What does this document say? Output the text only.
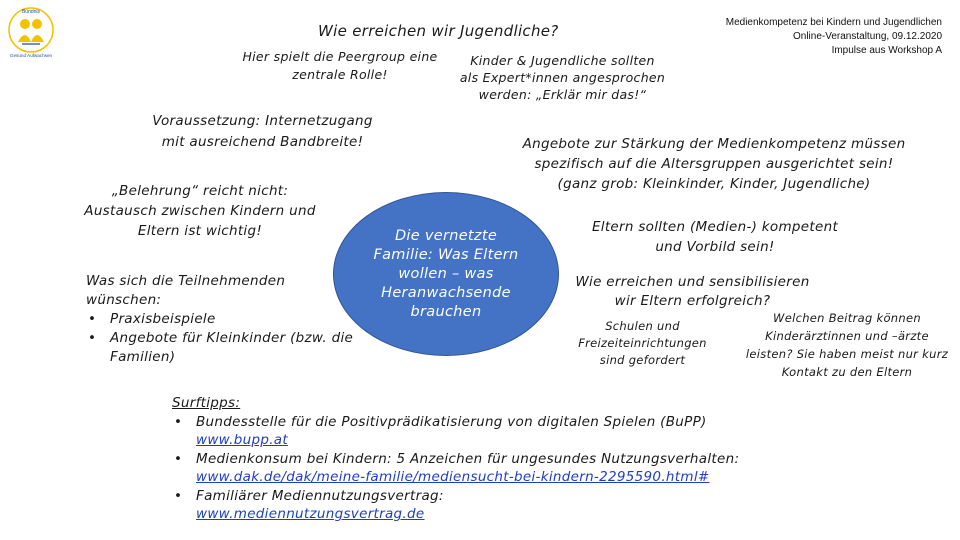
Medienkompetenz bei Kindern und Jugendlichen
Online-Veranstaltung, 09.12.2020
Impulse aus Workshop A
Bündnis
Gesund Aufwachsen
Wie erreichen wir Jugendliche?
Hier spielt die Peergroup eine
zentrale Rolle!
Kinder & Jugendliche sollten
als Expert*innen angesprochen
werden: „Erklär mir das!“
Voraussetzung: Internetzugang
mit ausreichend Bandbreite!	Angebote zur Stärkung der Medienkompetenz müssen
spezifisch auf die Altersgruppen ausgerichtet sein!
(ganz grob: Kleinkinder, Kinder, Jugendliche)
„Belehrung“ reicht nicht:
Austausch zwischen Kindern und
Eltern ist wichtig!	Die vernetzte Familie: Was Eltern wollen – was Heranwachsende brauchen
Eltern sollten (Medien-) kompetent
und Vorbild sein!
Was sich die Teilnehmenden
wünschen:
• Praxisbeispiele
• Angebote für Kleinkinder (bzw. die Familien)
Wie erreichen und sensibilisieren
wir Eltern erfolgreich?
Schulen und
Freizeiteinrichtungen
sind gefordert
Welchen Beitrag können
Kinderärztinnen und –ärzte
leisten? Sie haben meist nur kurz
Kontakt zu den Eltern
Surftipps:
• Bundesstelle für die Positivprädikatisierung von digitalen Spielen (BuPP)
www.bupp.at
• Medienkonsum bei Kindern: 5 Anzeichen für ungesundes Nutzungsverhalten:
www.dak.de/dak/meine-familie/mediensucht-bei-kindern-2295590.html#
• Familiärer Mediennutzungsvertrag:
www.mediennutzungsvertrag.de
